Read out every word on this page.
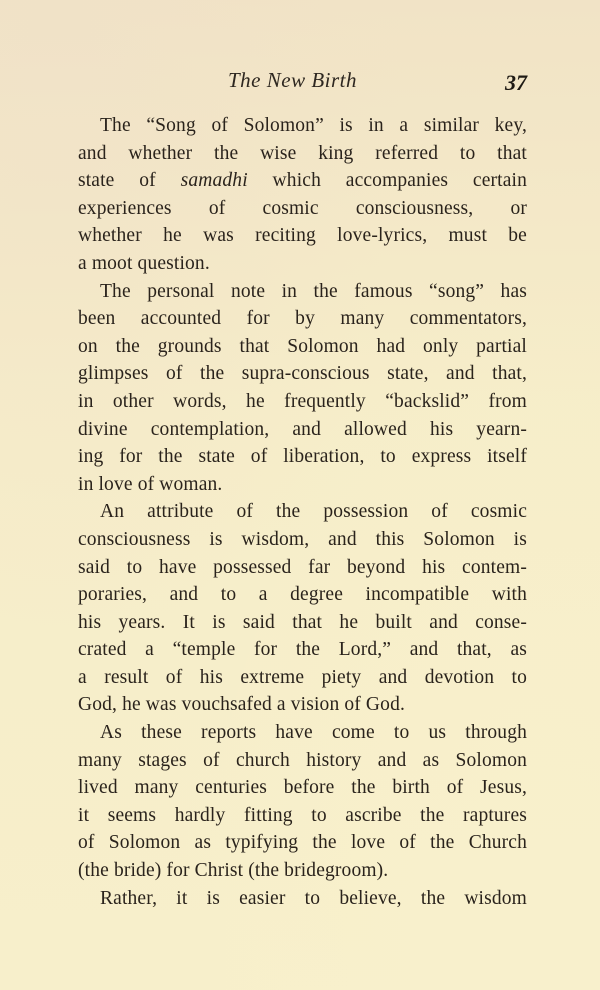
The New Birth	37
The “Song of Solomon” is in a similar key,
and whether the wise king referred to that
state of samadhi which accompanies certain
experiences of cosmic consciousness, or
whether he was reciting love-lyrics, must be
a moot question.
The personal note in the famous “song” has
been accounted for by many commentators,
on the grounds that Solomon had only partial
glimpses of the supra-conscious state, and that,
in other words, he frequently “backslid” from
divine contemplation, and allowed his yearn-
ing for the state of liberation, to express itself
in love of woman.
An attribute of the possession of cosmic
consciousness is wisdom, and this Solomon is
said to have possessed far beyond his contem-
poraries, and to a degree incompatible with
his years. It is said that he built and conse-
crated a “temple for the Lord,” and that, as
a result of his extreme piety and devotion to
God, he was vouchsafed a vision of God.
As these reports have come to us through
many stages of church history and as Solomon
lived many centuries before the birth of Jesus,
it seems hardly fitting to ascribe the raptures
of Solomon as typifying the love of the Church
(the bride) for Christ (the bridegroom).
Rather, it is easier to believe, the wisdom
